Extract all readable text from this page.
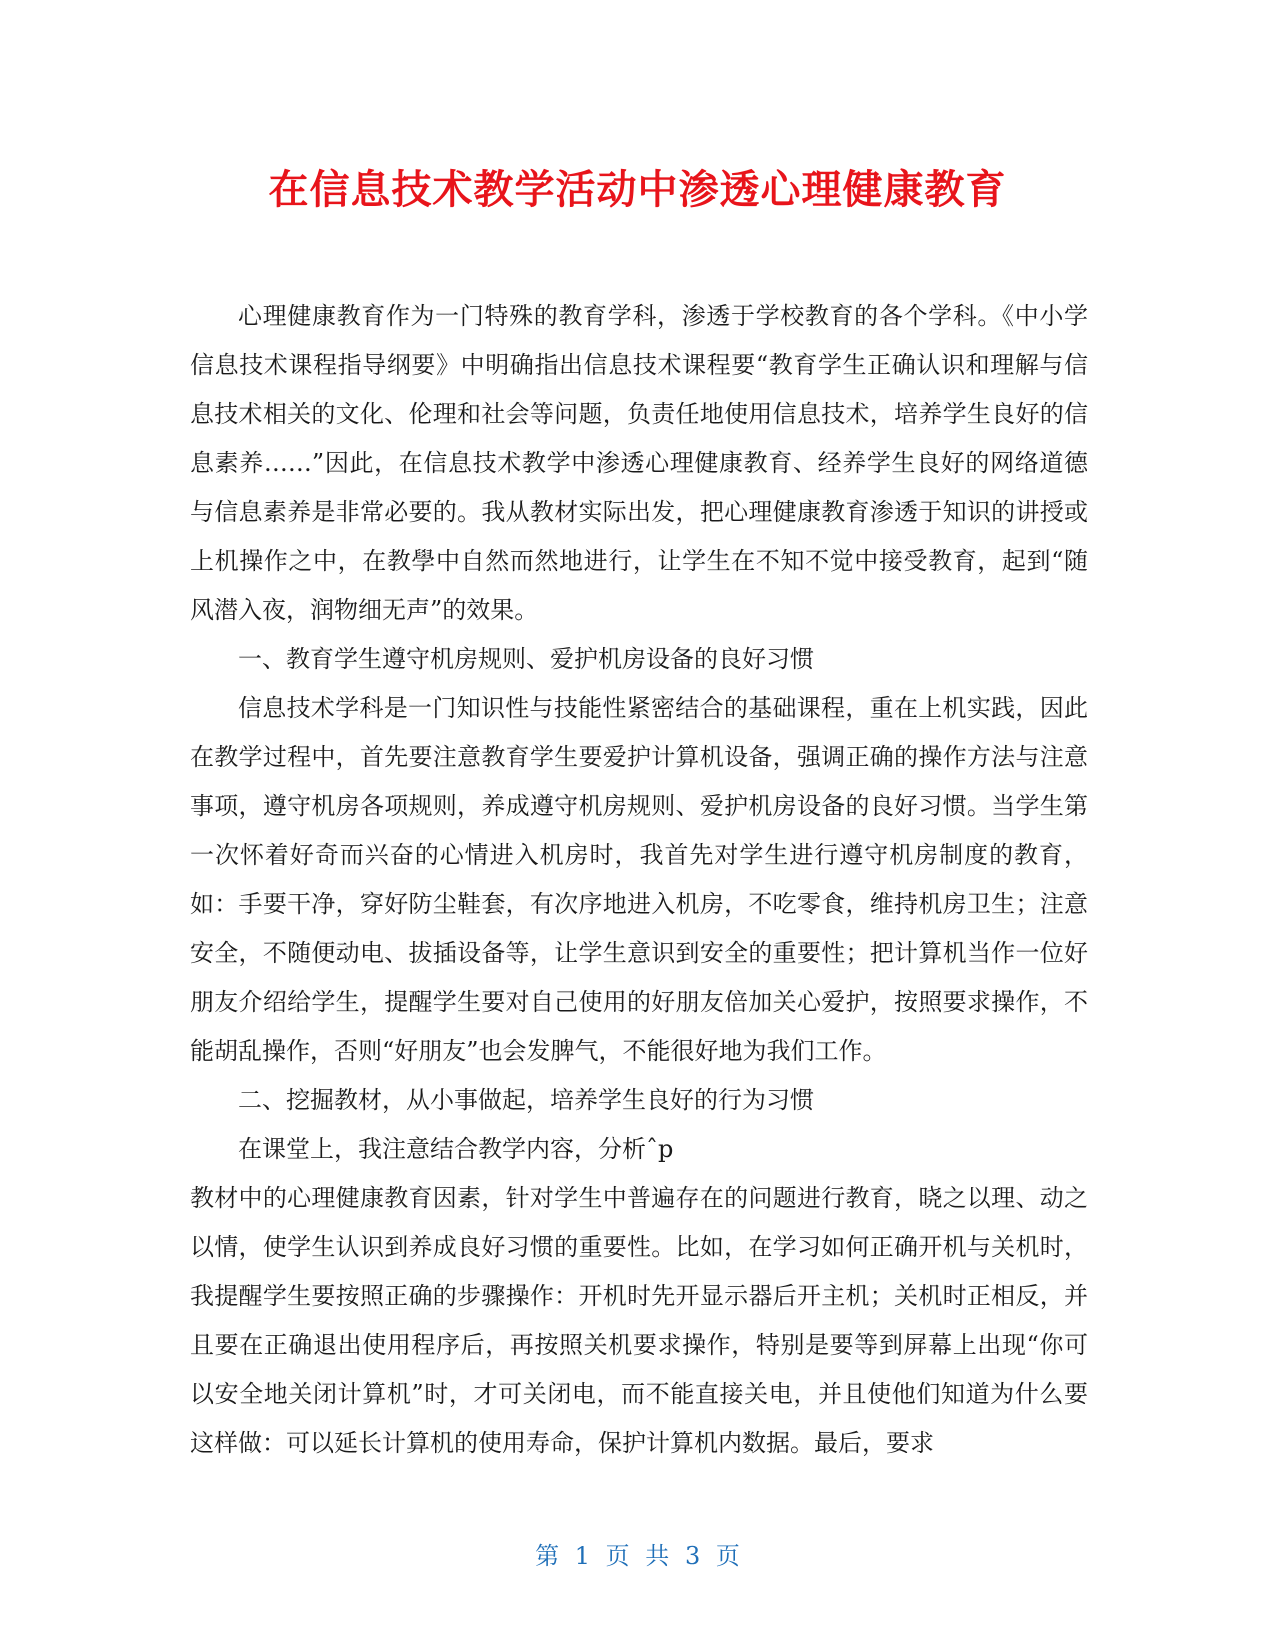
在信息技术教学活动中渗透心理健康教育

心理健康教育作为一门特殊的教育学科，渗透于学校教育的各个学科。《中小学信息技术课程指导纲要》中明确指出信息技术课程要“教育学生正确认识和理解与信息技术相关的文化、伦理和社会等问题，负责任地使用信息技术，培养学生良好的信息素养……”因此，在信息技术教学中渗透心理健康教育、经养学生良好的网络道德与信息素养是非常必要的。我从教材实际出发，把心理健康教育渗透于知识的讲授或上机操作之中，在教學中自然而然地进行，让学生在不知不觉中接受教育，起到“随风潜入夜，润物细无声”的效果。

一、教育学生遵守机房规则、爱护机房设备的良好习惯

信息技术学科是一门知识性与技能性紧密结合的基础课程，重在上机实践，因此在教学过程中，首先要注意教育学生要爱护计算机设备，强调正确的操作方法与注意事项，遵守机房各项规则，养成遵守机房规则、爱护机房设备的良好习惯。当学生第一次怀着好奇而兴奋的心情进入机房时，我首先对学生进行遵守机房制度的教育，如：手要干净，穿好防尘鞋套，有次序地进入机房，不吃零食，维持机房卫生；注意安全，不随便动电、拔插设备等，让学生意识到安全的重要性；把计算机当作一位好朋友介绍给学生，提醒学生要对自己使用的好朋友倍加关心爱护，按照要求操作，不能胡乱操作，否则“好朋友”也会发脾气，不能很好地为我们工作。

二、挖掘教材，从小事做起，培养学生良好的行为习惯

在课堂上，我注意结合教学内容，分析ˆp

教材中的心理健康教育因素，针对学生中普遍存在的问题进行教育，晓之以理、动之以情，使学生认识到养成良好习惯的重要性。比如，在学习如何正确开机与关机时，我提醒学生要按照正确的步骤操作：开机时先开显示器后开主机；关机时正相反，并且要在正确退出使用程序后，再按照关机要求操作，特别是要等到屏幕上出现“你可以安全地关闭计算机”时，才可关闭电，而不能直接关电，并且使他们知道为什么要这样做：可以延长计算机的使用寿命，保护计算机内数据。最后，要求

第 1 页 共 3 页
